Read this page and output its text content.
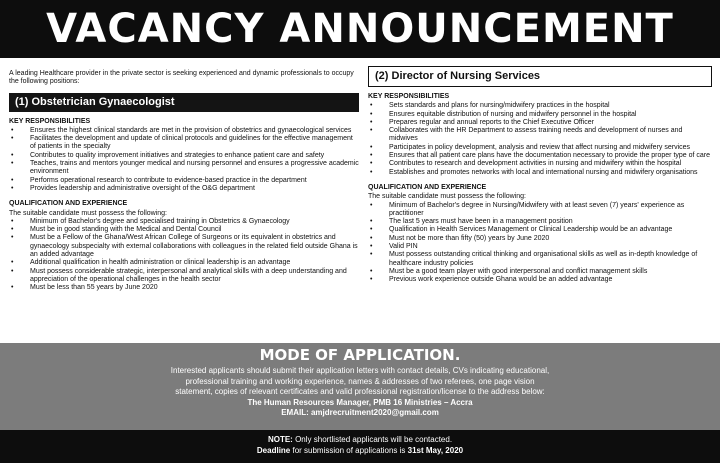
VACANCY ANNOUNCEMENT

A leading Healthcare provider in the private sector is seeking experienced and dynamic professionals to occupy the following positions:

(1) Obstetrician Gynaecologist
KEY RESPONSIBILITIES
• Ensures the highest clinical standards are met in the provision of obstetrics and gynaecological services
• Facilitates the development and update of clinical protocols and guidelines for the effective management of patients in the specialty
• Contributes to quality improvement initiatives and strategies to enhance patient care and safety
• Teaches, trains and mentors younger medical and nursing personnel and ensures a progressive academic environment
• Performs operational research to contribute to evidence-based practice in the department
• Provides leadership and administrative oversight of the O&G department
QUALIFICATION AND EXPERIENCE

The suitable candidate must possess the following:

• Minimum of Bachelor's degree and specialised training in Obstetrics & Gynaecology
• Must be in good standing with the Medical and Dental Council
• Must be a Fellow of the Ghana/West African College of Surgeons or its equivalent in obstetrics and gynaecology subspecialty with external collaborations with colleagues in the related field outside Ghana is an added advantage
• Additional qualification in health administration or clinical leadership is an advantage
• Must possess considerable strategic, interpersonal and analytical skills with a deep understanding and appreciation of the operational challenges in the health sector
• Must be less than 55 years by June 2020
(2) Director of Nursing Services
KEY RESPONSIBILITIES
• Sets standards and plans for nursing/midwifery practices in the hospital
• Ensures equitable distribution of nursing and midwifery personnel in the hospital
• Prepares regular and annual reports to the Chief Executive Officer
• Collaborates with the HR Department to assess training needs and development of nurses and midwives
• Participates in policy development, analysis and review that affect nursing and midwifery services
• Ensures that all patient care plans have the documentation necessary to provide the proper type of care
• Contributes to research and development activities in nursing and midwifery within the hospital
• Establishes and promotes networks with local and international nursing and midwifery organisations
QUALIFICATION AND EXPERIENCE

The suitable candidate must possess the following:

• Minimum of Bachelor's degree in Nursing/Midwifery with at least seven (7) years' experience as practitioner
• The last 5 years must have been in a management position
• Qualification in Health Services Management or Clinical Leadership would be an advantage
• Must not be more than fifty (50) years by June 2020
• Valid PIN
• Must possess outstanding critical thinking and organisational skills as well as in-depth knowledge of healthcare industry policies
• Must be a good team player with good interpersonal and conflict management skills
• Previous work experience outside Ghana would be an added advantage
MODE OF APPLICATION.

Interested applicants should submit their application letters with contact details, CVs indicating educational,

professional training and working experience, names & addresses of two referees, one page vision

statement, copies of relevant certificates and valid professional registration/license to the address below:

The Human Resources Manager, PMB 16 Ministries – Accra

EMAIL: amjdrecruitment2020@gmail.com

NOTE: Only shortlisted applicants will be contacted.
Deadline for submission of applications is 31st May, 2020
